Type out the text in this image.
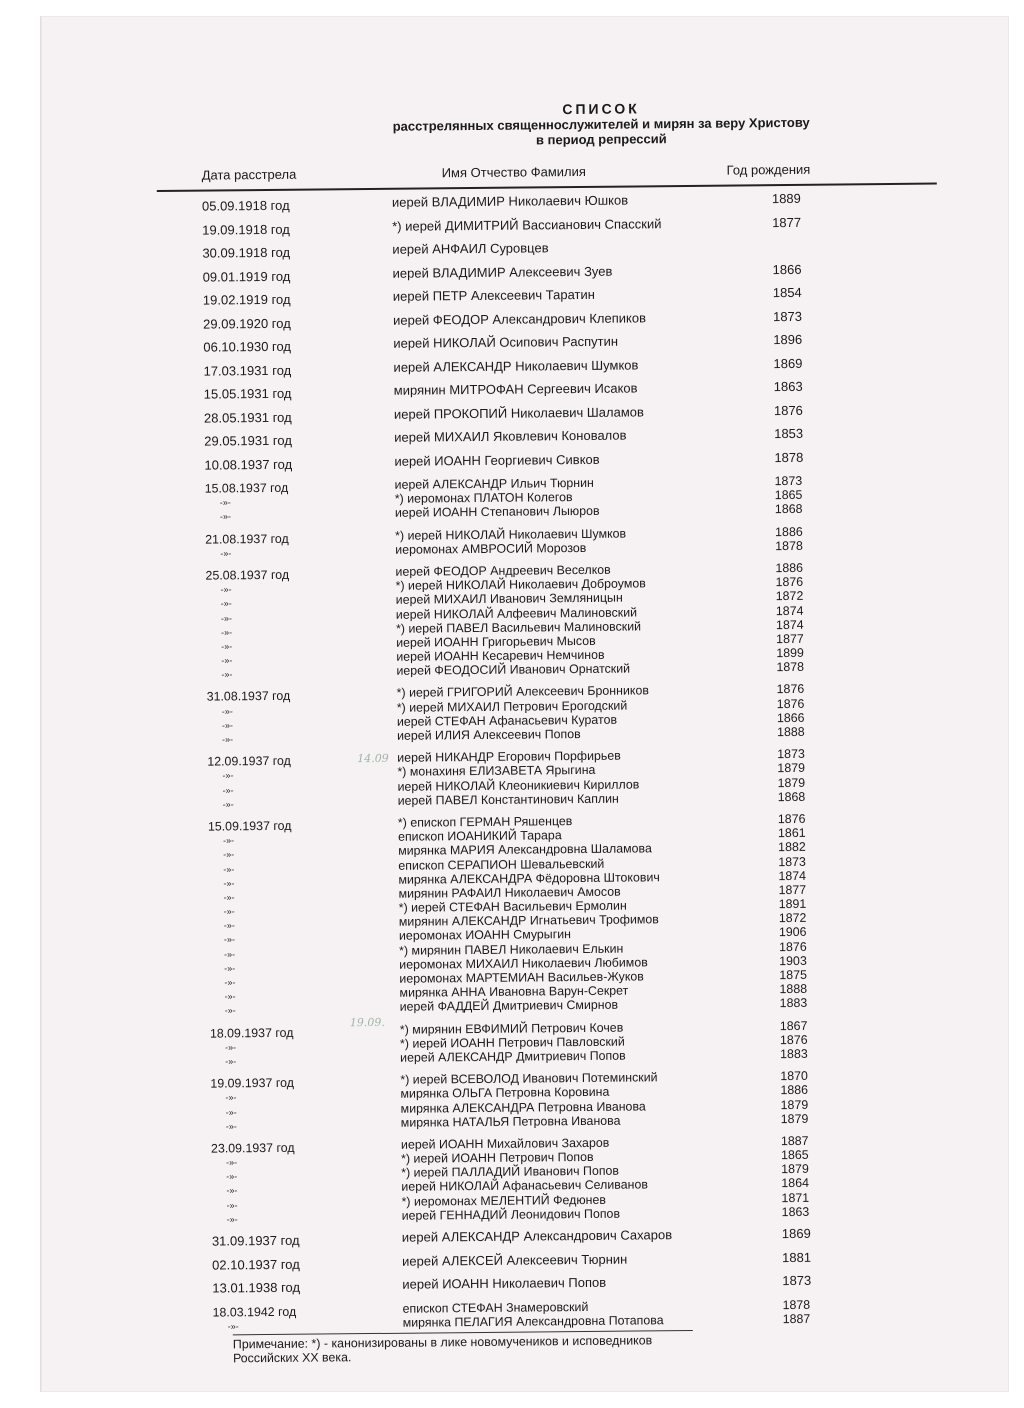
СПИСОК
расстрелянных священнослужителей и мирян за веру Христову
в период репрессий
Дата расстрела	Имя Отчество Фамилия	Год рождения
05.09.1918 год	иерей ВЛАДИМИР Николаевич Юшков	1889
19.09.1918 год	*) иерей ДИМИТРИЙ Вассианович Спасский	1877
30.09.1918 год	иерей АНФАИЛ Суровцев
09.01.1919 год	иерей ВЛАДИМИР Алексеевич Зуев	1866
19.02.1919 год	иерей ПЕТР Алексеевич Таратин	1854
29.09.1920 год	иерей ФЕОДОР Александрович Клепиков	1873
06.10.1930 год	иерей НИКОЛАЙ Осипович Распутин	1896
17.03.1931 год	иерей АЛЕКСАНДР Николаевич Шумков	1869
15.05.1931 год	мирянин МИТРОФАН Сергеевич Исаков	1863
28.05.1931 год	иерей ПРОКОПИЙ Николаевич Шаламов	1876
29.05.1931 год	иерей МИХАИЛ Яковлевич Коновалов	1853
10.08.1937 год	иерей ИОАНН Георгиевич Сивков	1878
15.08.1937 год	иерей АЛЕКСАНДР Ильич Тюрнин	1873
-»-	*) иеромонах ПЛАТОН Колегов	1865
-»-	иерей ИОАНН Степанович Лыюров	1868
21.08.1937 год	*) иерей НИКОЛАЙ Николаевич Шумков	1886
-»-	иеромонах АМВРОСИЙ Морозов	1878
25.08.1937 год	иерей ФЕОДОР Андреевич Веселков	1886
-»-	*) иерей НИКОЛАЙ Николаевич Доброумов	1876
-»-	иерей МИХАИЛ Иванович Земляницын	1872
-»-	иерей НИКОЛАЙ Алфеевич Малиновский	1874
-»-	*) иерей ПАВЕЛ Васильевич Малиновский	1874
-»-	иерей ИОАНН Григорьевич Мысов	1877
-»-	иерей ИОАНН Кесаревич Немчинов	1899
-»-	иерей ФЕОДОСИЙ Иванович Орнатский	1878
31.08.1937 год	*) иерей ГРИГОРИЙ Алексеевич Бронников	1876
-»-	*) иерей МИХАИЛ Петрович Ерогодский	1876
-»-	иерей СТЕФАН Афанасьевич Куратов	1866
-»-	иерей ИЛИЯ Алексеевич Попов	1888
12.09.1937 год	иерей НИКАНДР Егорович Порфирьев	1873
-»-	*) монахиня ЕЛИЗАВЕТА Ярыгина	1879
-»-	иерей НИКОЛАЙ Клеоникиевич Кириллов	1879
-»-	иерей ПАВЕЛ Константинович Каплин	1868
15.09.1937 год	*) епископ ГЕРМАН Ряшенцев	1876
-»-	епископ ИОАНИКИЙ Тарара	1861
-»-	мирянка МАРИЯ Александровна Шаламова	1882
-»-	епископ СЕРАПИОН Шевальевский	1873
-»-	мирянка АЛЕКСАНДРА Фёдоровна Штокович	1874
-»-	мирянин РАФАИЛ Николаевич Амосов	1877
-»-	*) иерей СТЕФАН Васильевич Ермолин	1891
-»-	мирянин АЛЕКСАНДР Игнатьевич Трофимов	1872
-»-	иеромонах ИОАНН Смурыгин	1906
-»-	*) мирянин ПАВЕЛ Николаевич Елькин	1876
-»-	иеромонах МИХАИЛ Николаевич Любимов	1903
-»-	иеромонах МАРТЕМИАН Васильев-Жуков	1875
-»-	мирянка АННА Ивановна Варун-Секрет	1888
-»-	иерей ФАДДЕЙ Дмитриевич Смирнов	1883
18.09.1937 год	*) мирянин ЕВФИМИЙ Петрович Кочев	1867
-»-	*) иерей ИОАНН Петрович Павловский	1876
-»-	иерей АЛЕКСАНДР Дмитриевич Попов	1883
19.09.1937 год	*) иерей ВСЕВОЛОД Иванович Потеминский	1870
-»-	мирянка ОЛЬГА Петровна Коровина	1886
-»-	мирянка АЛЕКСАНДРА Петровна Иванова	1879
-»-	мирянка НАТАЛЬЯ Петровна Иванова	1879
23.09.1937 год	иерей ИОАНН Михайлович Захаров	1887
-»-	*) иерей ИОАНН Петрович Попов	1865
-»-	*) иерей ПАЛЛАДИЙ Иванович Попов	1879
-»-	иерей НИКОЛАЙ Афанасьевич Селиванов	1864
-»-	*) иеромонах МЕЛЕНТИЙ Федюнев	1871
-»-	иерей ГЕННАДИЙ Леонидович Попов	1863
31.09.1937 год	иерей АЛЕКСАНДР Александрович Сахаров	1869
02.10.1937 год	иерей АЛЕКСЕЙ Алексеевич Тюрнин	1881
13.01.1938 год	иерей ИОАНН Николаевич Попов	1873
18.03.1942 год	епископ СТЕФАН Знамеровский	1878
-»-	мирянка ПЕЛАГИЯ Александровна Потапова	1887
14.09
19.09.
Примечание: *) - канонизированы в лике новомучеников и исповедников
Российских XX века.
